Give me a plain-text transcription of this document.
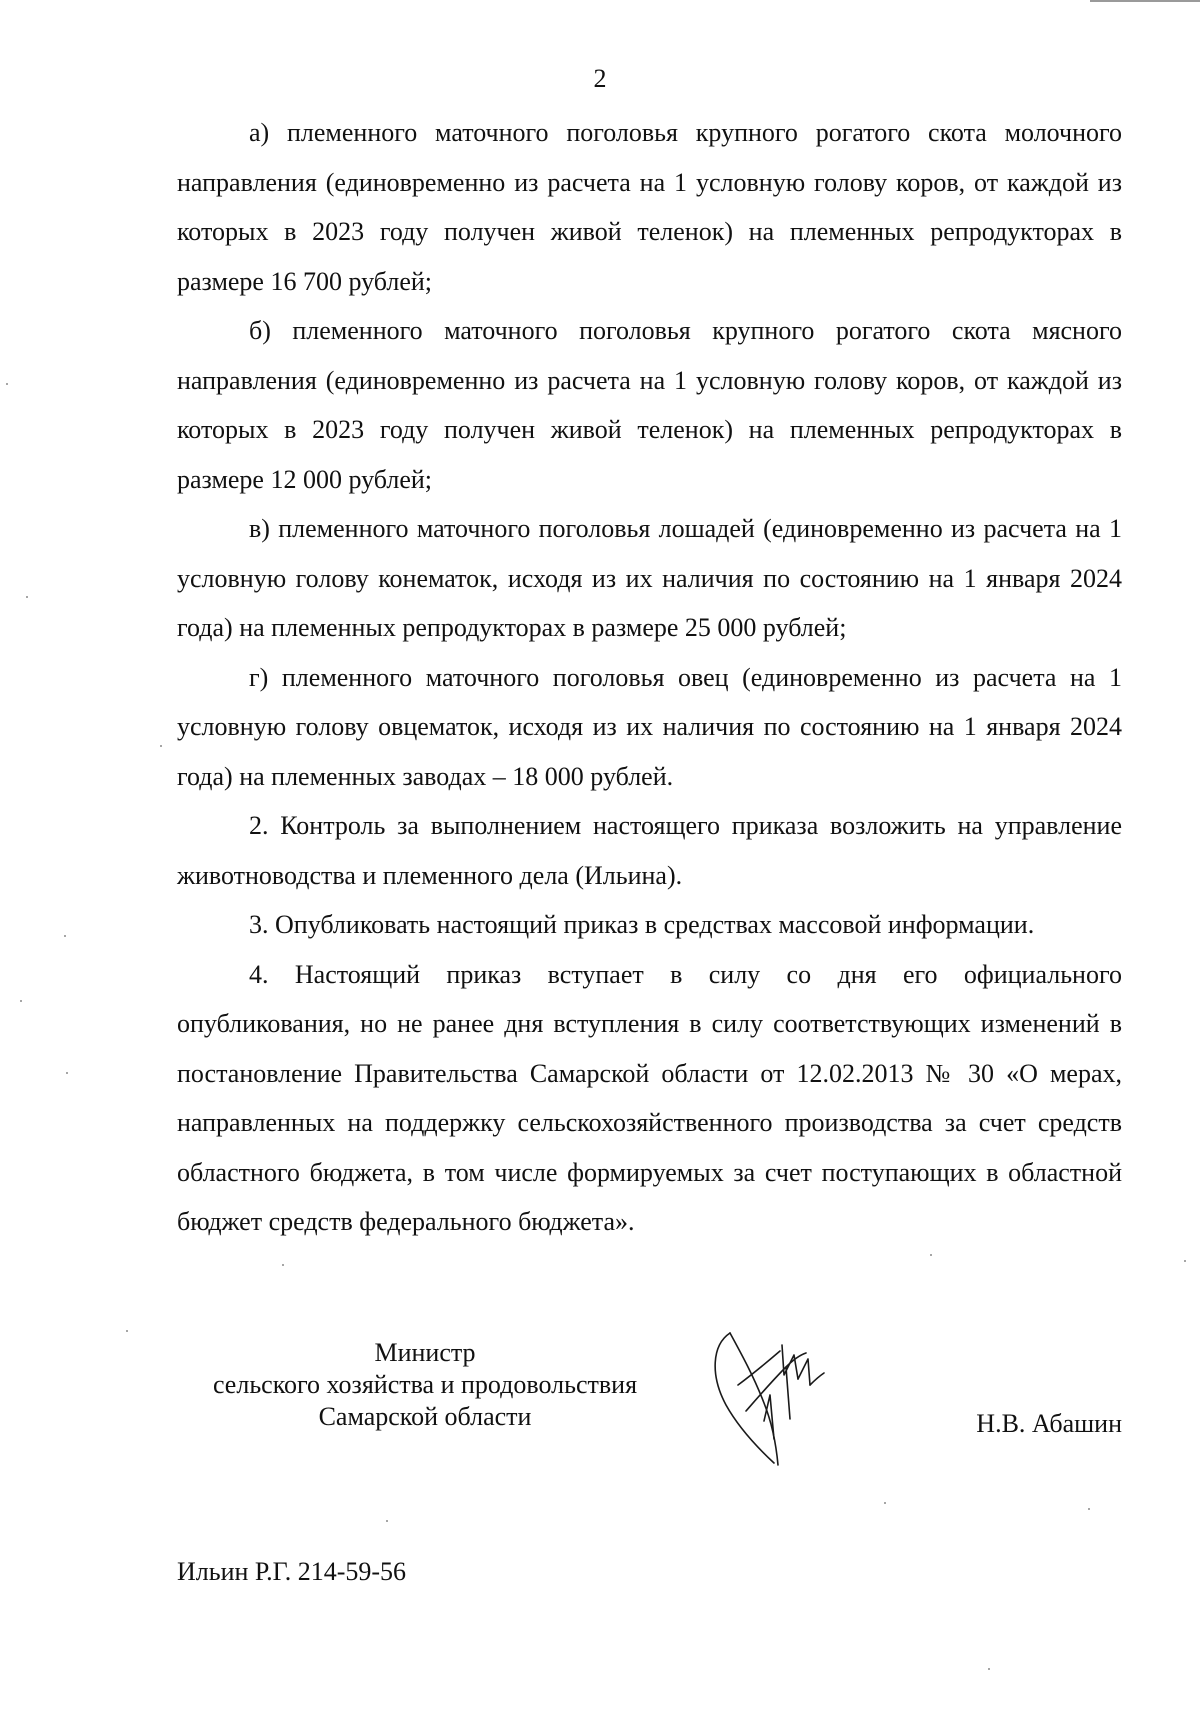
2

а) племенного маточного поголовья крупного рогатого скота молочного направления (единовременно из расчета на 1 условную голову коров, от каждой из которых в 2023 году получен живой теленок) на племенных репродукторах в размере 16 700 рублей;

б) племенного маточного поголовья крупного рогатого скота мясного направления (единовременно из расчета на 1 условную голову коров, от каждой из которых в 2023 году получен живой теленок) на племенных репродукторах в размере 12 000 рублей;

в) племенного маточного поголовья лошадей (единовременно из расчета на 1 условную голову конематок, исходя из их наличия по состоянию на 1 января 2024 года) на племенных репродукторах в размере 25 000 рублей;

г) племенного маточного поголовья овец (единовременно из расчета на 1 условную голову овцематок, исходя из их наличия по состоянию на 1 января 2024 года) на племенных заводах – 18 000 рублей.

2. Контроль за выполнением настоящего приказа возложить на управление животноводства и племенного дела (Ильина).

3. Опубликовать настоящий приказ в средствах массовой информации.

4. Настоящий приказ вступает в силу со дня его официального опубликования, но не ранее дня вступления в силу соответствующих изменений в постановление Правительства Самарской области от 12.02.2013 № 30 «О мерах, направленных на поддержку сельскохозяйственного производства за счет средств областного бюджета, в том числе формируемых за счет поступающих в областной бюджет средств федерального бюджета».

Министр
сельского хозяйства и продовольствия
Самарской области	Н.В. Абашин
Ильин Р.Г. 214-59-56
